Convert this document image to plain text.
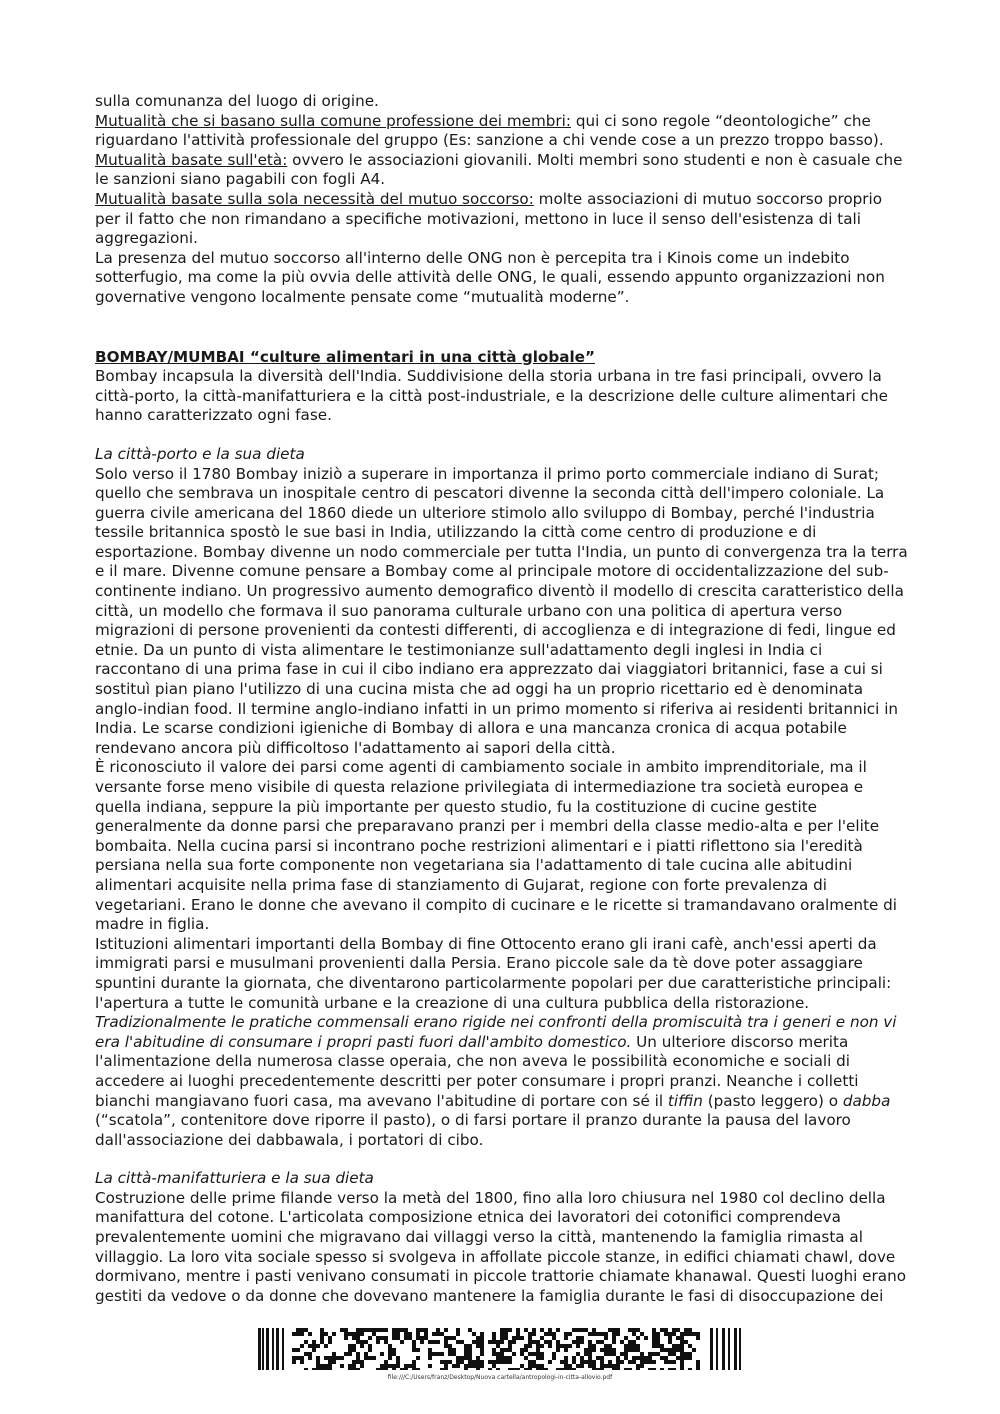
sulla comunanza del luogo di origine.

Mutualità che si basano sulla comune professione dei membri: qui ci sono regole “deontologiche” che riguardano l'attività professionale del gruppo (Es: sanzione a chi vende cose a un prezzo troppo basso).

Mutualità basate sull'età: ovvero le associazioni giovanili. Molti membri sono studenti e non è casuale che le sanzioni siano pagabili con fogli A4.

Mutualità basate sulla sola necessità del mutuo soccorso: molte associazioni di mutuo soccorso proprio per il fatto che non rimandano a specifiche motivazioni, mettono in luce il senso dell'esistenza di tali aggregazioni.

La presenza del mutuo soccorso all'interno delle ONG non è percepita tra i Kinois come un indebito sotterfugio, ma come la più ovvia delle attività delle ONG, le quali, essendo appunto organizzazioni non governative vengono localmente pensate come “mutualità moderne”.

BOMBAY/MUMBAI “culture alimentari in una città globale”

Bombay incapsula la diversità dell'India. Suddivisione della storia urbana in tre fasi principali, ovvero la città-porto, la città-manifatturiera e la città post-industriale, e la descrizione delle culture alimentari che hanno caratterizzato ogni fase.

La città-porto e la sua dieta

Solo verso il 1780 Bombay iniziò a superare in importanza il primo porto commerciale indiano di Surat; quello che sembrava un inospitale centro di pescatori divenne la seconda città dell'impero coloniale. La guerra civile americana del 1860 diede un ulteriore stimolo allo sviluppo di Bombay, perché l'industria tessile britannica spostò le sue basi in India, utilizzando la città come centro di produzione e di esportazione. Bombay divenne un nodo commerciale per tutta l'India, un punto di convergenza tra la terra e il mare. Divenne comune pensare a Bombay come al principale motore di occidentalizzazione del sub-continente indiano. Un progressivo aumento demografico diventò il modello di crescita caratteristico della città, un modello che formava il suo panorama culturale urbano con una politica di apertura verso migrazioni di persone provenienti da contesti differenti, di accoglienza e di integrazione di fedi, lingue ed etnie. Da un punto di vista alimentare le testimonianze sull'adattamento degli inglesi in India ci raccontano di una prima fase in cui il cibo indiano era apprezzato dai viaggiatori britannici, fase a cui si sostituì pian piano l'utilizzo di una cucina mista che ad oggi ha un proprio ricettario ed è denominata anglo-indian food. Il termine anglo-indiano infatti in un primo momento si riferiva ai residenti britannici in India. Le scarse condizioni igieniche di Bombay di allora e una mancanza cronica di acqua potabile rendevano ancora più difficoltoso l'adattamento ai sapori della città.

È riconosciuto il valore dei parsi come agenti di cambiamento sociale in ambito imprenditoriale, ma il versante forse meno visibile di questa relazione privilegiata di intermediazione tra società europea e quella indiana, seppure la più importante per questo studio, fu la costituzione di cucine gestite generalmente da donne parsi che preparavano pranzi per i membri della classe medio-alta e per l'elite bombaita. Nella cucina parsi si incontrano poche restrizioni alimentari e i piatti riflettono sia l'eredità persiana nella sua forte componente non vegetariana sia l'adattamento di tale cucina alle abitudini alimentari acquisite nella prima fase di stanziamento di Gujarat, regione con forte prevalenza di vegetariani. Erano le donne che avevano il compito di cucinare e le ricette si tramandavano oralmente di madre in figlia.

Istituzioni alimentari importanti della Bombay di fine Ottocento erano gli irani cafè, anch'essi aperti da immigrati parsi e musulmani provenienti dalla Persia. Erano piccole sale da tè dove poter assaggiare spuntini durante la giornata, che diventarono particolarmente popolari per due caratteristiche principali: l'apertura a tutte le comunità urbane e la creazione di una cultura pubblica della ristorazione.

Tradizionalmente le pratiche commensali erano rigide nei confronti della promiscuità tra i generi e non vi era l'abitudine di consumare i propri pasti fuori dall'ambito domestico. Un ulteriore discorso merita l'alimentazione della numerosa classe operaia, che non aveva le possibilità economiche e sociali di accedere ai luoghi precedentemente descritti per poter consumare i propri pranzi. Neanche i colletti bianchi mangiavano fuori casa, ma avevano l'abitudine di portare con sé il tiffin (pasto leggero) o dabba (“scatola”, contenitore dove riporre il pasto), o di farsi portare il pranzo durante la pausa del lavoro dall'associazione dei dabbawala, i portatori di cibo.

La città-manifatturiera e la sua dieta

Costruzione delle prime filande verso la metà del 1800, fino alla loro chiusura nel 1980 col declino della manifattura del cotone. L'articolata composizione etnica dei lavoratori dei cotonifici comprendeva prevalentemente uomini che migravano dai villaggi verso la città, mantenendo la famiglia rimasta al villaggio. La loro vita sociale spesso si svolgeva in affollate piccole stanze, in edifici chiamati chawl, dove dormivano, mentre i pasti venivano consumati in piccole trattorie chiamate khanawal. Questi luoghi erano gestiti da vedove o da donne che dovevano mantenere la famiglia durante le fasi di disoccupazione dei

file:///C:/Users/franz/Desktop/Nuova cartella/antropologi-in-citta-allovio.pdf
